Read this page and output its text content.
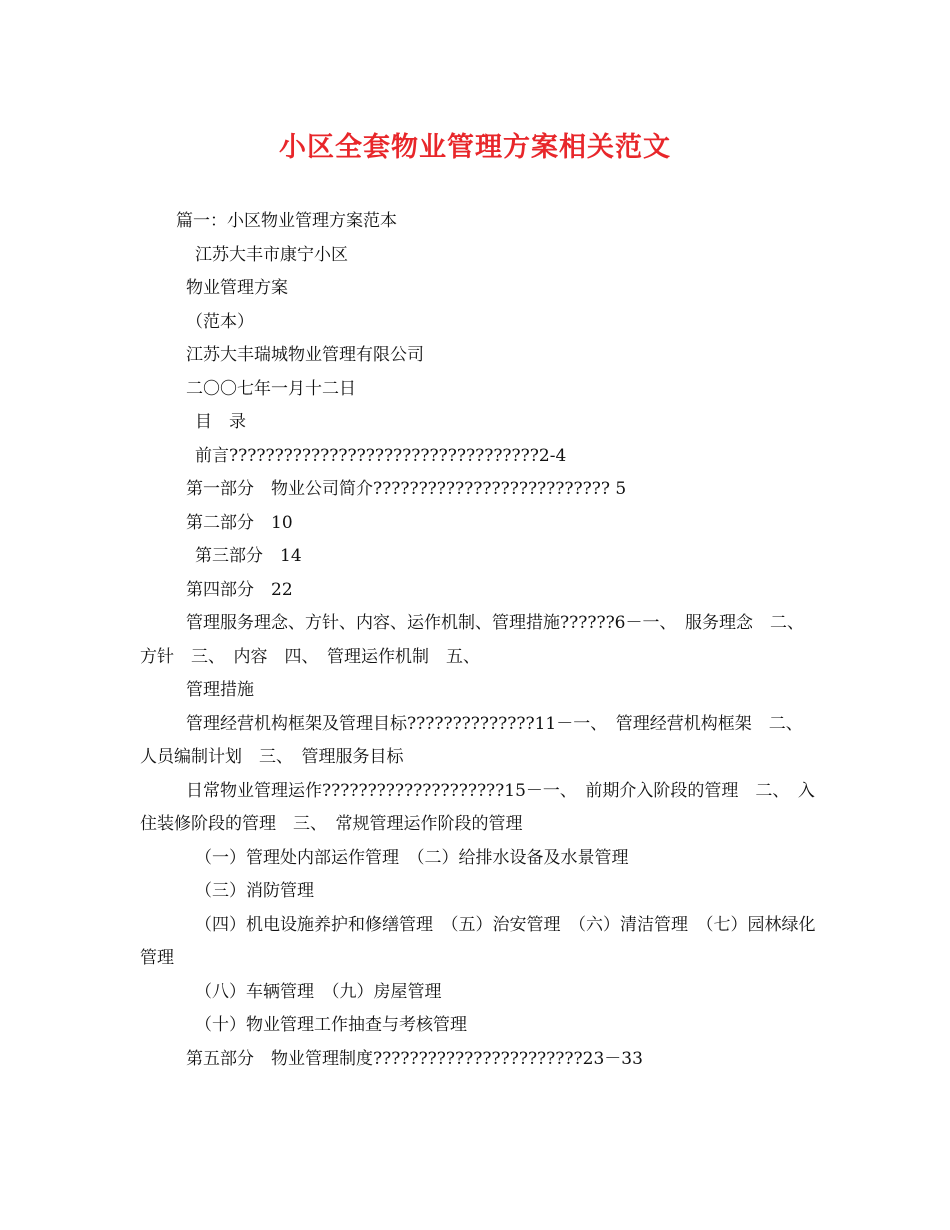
小区全套物业管理方案相关范文
篇一：小区物业管理方案范本
江苏大丰市康宁小区
物业管理方案
（范本）
江苏大丰瑞城物业管理有限公司
二〇〇七年一月十二日
目　录
前言??????????????????????????????????2-4
第一部分　物业公司简介?????????????????????????? 5
第二部分　10
第三部分　14
第四部分　22
管理服务理念、方针、内容、运作机制、管理措施??????6－一、　服务理念　二、　方针　三、　内容　四、　管理运作机制　五、
管理措施
管理经营机构框架及管理目标??????????????11－一、　管理经营机构框架　二、　人员编制计划　三、　管理服务目标
日常物业管理运作????????????????????15－一、　前期介入阶段的管理　二、　入住装修阶段的管理　三、　常规管理运作阶段的管理
（一）管理处内部运作管理　（二）给排水设备及水景管理
（三）消防管理
（四）机电设施养护和修缮管理　（五）治安管理　（六）清洁管理　（七）园林绿化管理
（八）车辆管理　（九）房屋管理
（十）物业管理工作抽查与考核管理
第五部分　物业管理制度???????????????????????23－33
